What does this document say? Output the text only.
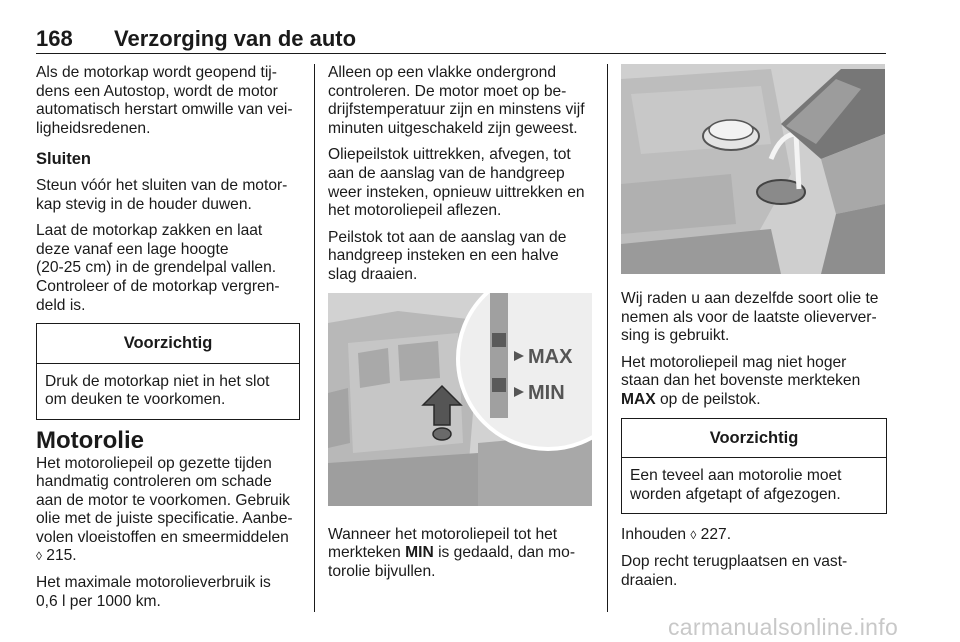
168	Verzorging van de auto

Als de motorkap wordt geopend tij-
dens een Autostop, wordt de motor
automatisch herstart omwille van vei-
ligheidsredenen.

Sluiten

Steun vóór het sluiten van de motor-
kap stevig in de houder duwen.

Laat de motorkap zakken en laat
deze vanaf een lage hoogte
(20-25 cm) in de grendelpal vallen.
Controleer of de motorkap vergren-
deld is.

Voorzichtig
Druk de motorkap niet in het slot
om deuken te voorkomen.
Motorolie

Het motoroliepeil op gezette tijden
handmatig controleren om schade
aan de motor te voorkomen. Gebruik
olie met de juiste specificatie. Aanbe-
volen vloeistoffen en smeermiddelen
◊ 215.

Het maximale motorolieverbruik is
0,6 l per 1000 km.

Alleen op een vlakke ondergrond
controleren. De motor moet op be-
drijfstemperatuur zijn en minstens vijf
minuten uitgeschakeld zijn geweest.

Oliepeilstok uittrekken, afvegen, tot
aan de aanslag van de handgreep
weer insteken, opnieuw uittrekken en
het motoroliepeil aflezen.

Peilstok tot aan de aanslag van de
handgreep insteken en een halve
slag draaien.

MAX
MIN

Wanneer het motoroliepeil tot het
merkteken MIN is gedaald, dan mo-
torolie bijvullen.

Wij raden u aan dezelfde soort olie te
nemen als voor de laatste olieverver-
sing is gebruikt.

Het motoroliepeil mag niet hoger
staan dan het bovenste merkteken
MAX op de peilstok.

Voorzichtig
Een teveel aan motorolie moet
worden afgetapt of afgezogen.

Inhouden ◊ 227.

Dop recht terugplaatsen en vast-
draaien.

carmanualsonline.info
